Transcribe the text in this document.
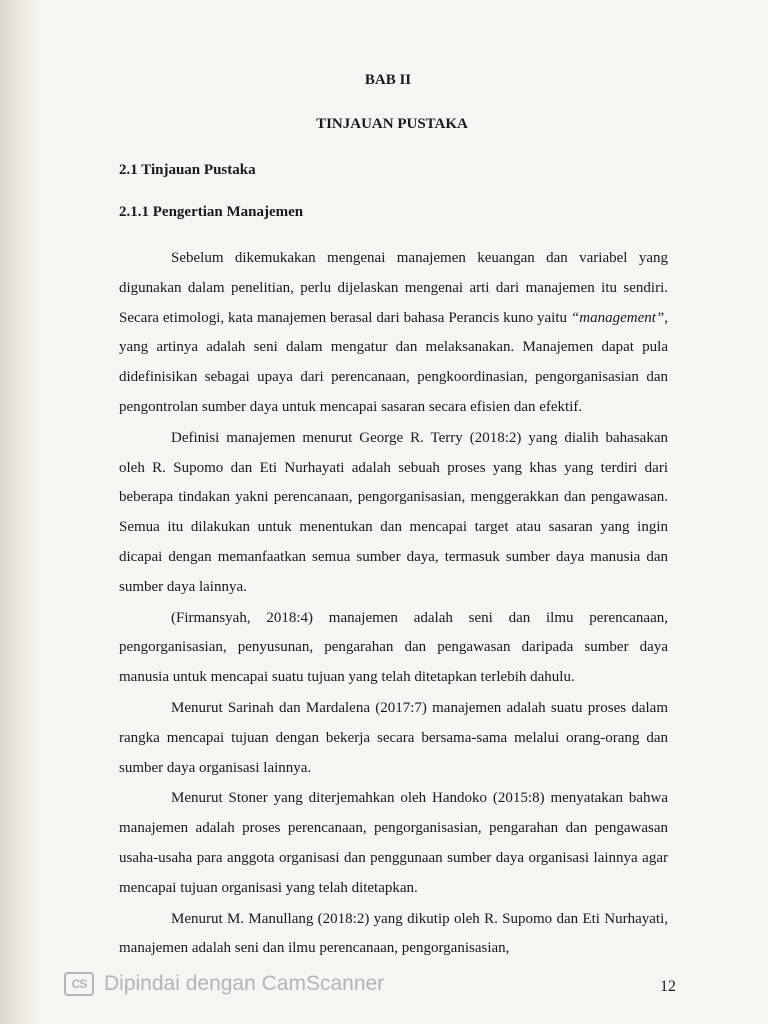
BAB II
TINJAUAN PUSTAKA
2.1 Tinjauan Pustaka
2.1.1 Pengertian Manajemen

Sebelum dikemukakan mengenai manajemen keuangan dan variabel yang digunakan dalam penelitian, perlu dijelaskan mengenai arti dari manajemen itu sendiri. Secara etimologi, kata manajemen berasal dari bahasa Perancis kuno yaitu “management”, yang artinya adalah seni dalam mengatur dan melaksanakan. Manajemen dapat pula didefinisikan sebagai upaya dari perencanaan, pengkoordinasian, pengorganisasian dan pengontrolan sumber daya untuk mencapai sasaran secara efisien dan efektif.

Definisi manajemen menurut George R. Terry (2018:2) yang dialih bahasakan oleh R. Supomo dan Eti Nurhayati adalah sebuah proses yang khas yang terdiri dari beberapa tindakan yakni perencanaan, pengorganisasian, menggerakkan dan pengawasan. Semua itu dilakukan untuk menentukan dan mencapai target atau sasaran yang ingin dicapai dengan memanfaatkan semua sumber daya, termasuk sumber daya manusia dan sumber daya lainnya.

(Firmansyah, 2018:4) manajemen adalah seni dan ilmu perencanaan, pengorganisasian, penyusunan, pengarahan dan pengawasan daripada sumber daya manusia untuk mencapai suatu tujuan yang telah ditetapkan terlebih dahulu.

Menurut Sarinah dan Mardalena (2017:7) manajemen adalah suatu proses dalam rangka mencapai tujuan dengan bekerja secara bersama-sama melalui orang-orang dan sumber daya organisasi lainnya.

Menurut Stoner yang diterjemahkan oleh Handoko (2015:8) menyatakan bahwa manajemen adalah proses perencanaan, pengorganisasian, pengarahan dan pengawasan usaha-usaha para anggota organisasi dan penggunaan sumber daya organisasi lainnya agar mencapai tujuan organisasi yang telah ditetapkan.

Menurut M. Manullang (2018:2) yang dikutip oleh R. Supomo dan Eti Nurhayati, manajemen adalah seni dan ilmu perencanaan, pengorganisasian,

CS Dipindai dengan CamScanner	12
